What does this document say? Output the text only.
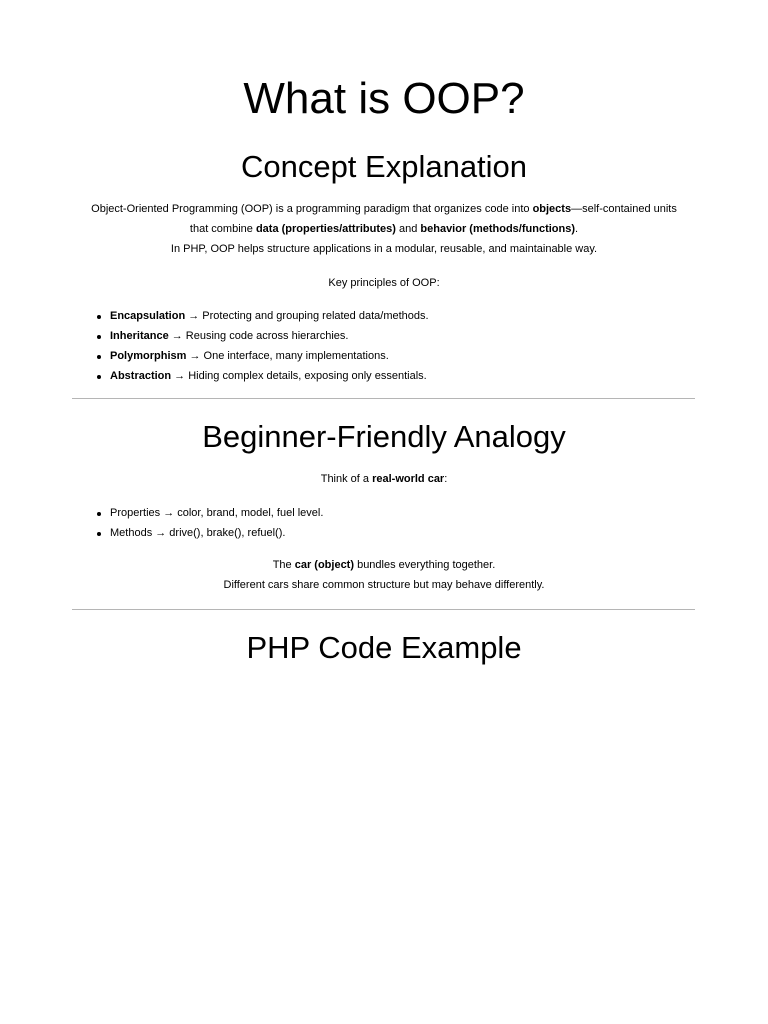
What is OOP?
Concept Explanation
Object-Oriented Programming (OOP) is a programming paradigm that organizes code into objects—self-contained units
that combine data (properties/attributes) and behavior (methods/functions).
In PHP, OOP helps structure applications in a modular, reusable, and maintainable way.
Key principles of OOP:
Encapsulation → Protecting and grouping related data/methods.
Inheritance → Reusing code across hierarchies.
Polymorphism → One interface, many implementations.
Abstraction → Hiding complex details, exposing only essentials.
Beginner-Friendly Analogy
Think of a real-world car:
Properties → color, brand, model, fuel level.
Methods → drive(), brake(), refuel().
The car (object) bundles everything together.
Different cars share common structure but may behave differently.
PHP Code Example
